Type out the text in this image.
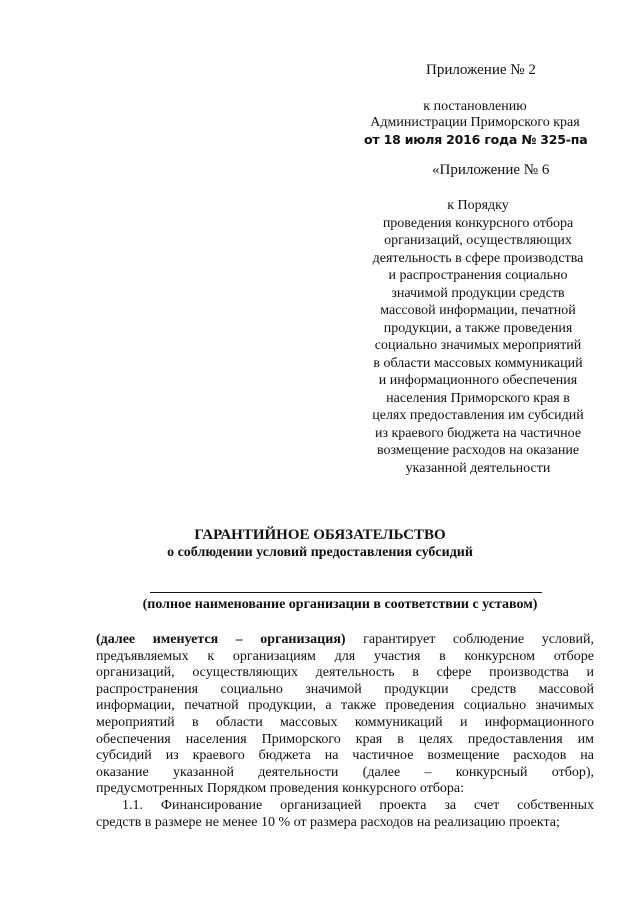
Приложение № 2
к постановлению
Администрации Приморского края
от 18 июля 2016 года № 325-па
«Приложение № 6
к Порядку
проведения конкурсного отбора
организаций, осуществляющих
деятельность в сфере производства
и распространения социально
значимой продукции средств
массовой информации, печатной
продукции, а также проведения
социально значимых мероприятий
в области массовых коммуникаций
и информационного обеспечения
населения Приморского края в
целях предоставления им субсидий
из краевого бюджета на частичное
возмещение расходов на оказание
указанной деятельности
ГАРАНТИЙНОЕ ОБЯЗАТЕЛЬСТВО
о соблюдении условий предоставления субсидий
(полное наименование организации в соответствии с уставом)
(далее именуется – организация) гарантирует соблюдение условий,
предъявляемых к организациям для участия в конкурсном отборе
организаций, осуществляющих деятельность в сфере производства и
распространения социально значимой продукции средств массовой
информации, печатной продукции, а также проведения социально значимых
мероприятий в области массовых коммуникаций и информационного
обеспечения населения Приморского края в целях предоставления им
субсидий из краевого бюджета на частичное возмещение расходов на
оказание указанной деятельности (далее – конкурсный отбор),
предусмотренных Порядком проведения конкурсного отбора:
1.1. Финансирование организацией проекта за счет собственных
средств в размере не менее 10 % от размера расходов на реализацию проекта;
